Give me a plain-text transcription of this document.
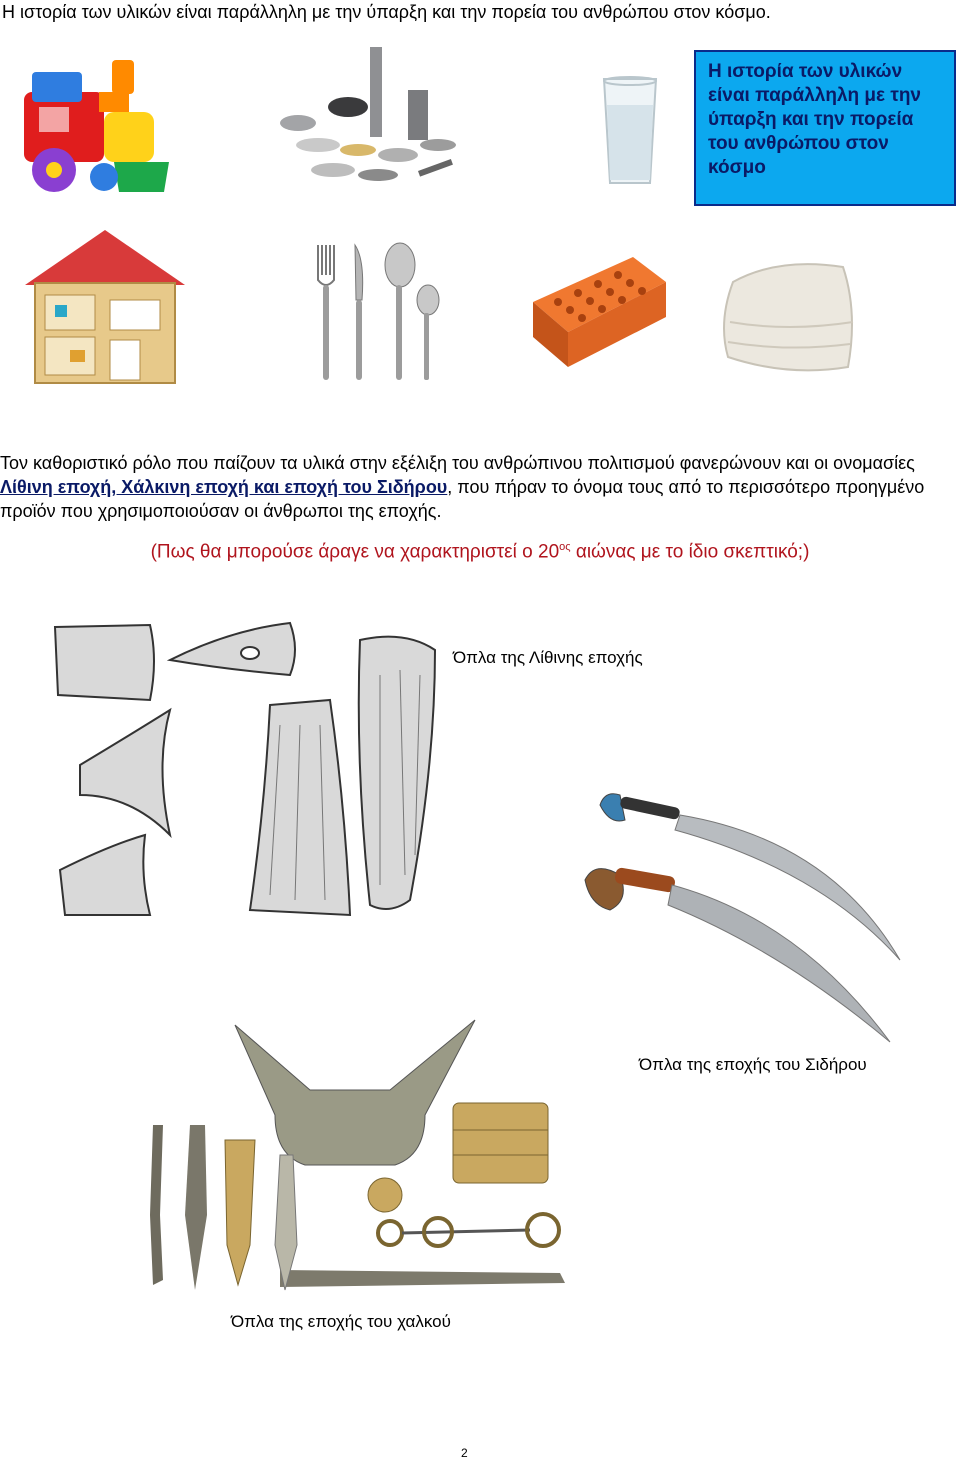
Η ιστορία των υλικών είναι παράλληλη με την ύπαρξη και την πορεία του ανθρώπου στον κόσμο.
Η ιστορία των υλικών είναι παράλληλη με την ύπαρξη και την πορεία του ανθρώπου στον κόσμο
Τον καθοριστικό ρόλο που παίζουν τα υλικά στην εξέλιξη του ανθρώπινου πολιτισμού φανερώνουν και οι ονομασίες Λίθινη εποχή, Χάλκινη εποχή και εποχή του Σιδήρου, που πήραν το όνομα τους από το περισσότερο προηγμένο προϊόν που χρησιμοποιούσαν οι άνθρωποι της εποχής.
(Πως θα μπορούσε άραγε να χαρακτηριστεί ο $20^{o\varsigma}$ αιώνας με το ίδιο σκεπτικό;)
Όπλα της Λίθινης εποχής
Όπλα της εποχής του Σιδήρου
Όπλα της εποχής του χαλκού
2
